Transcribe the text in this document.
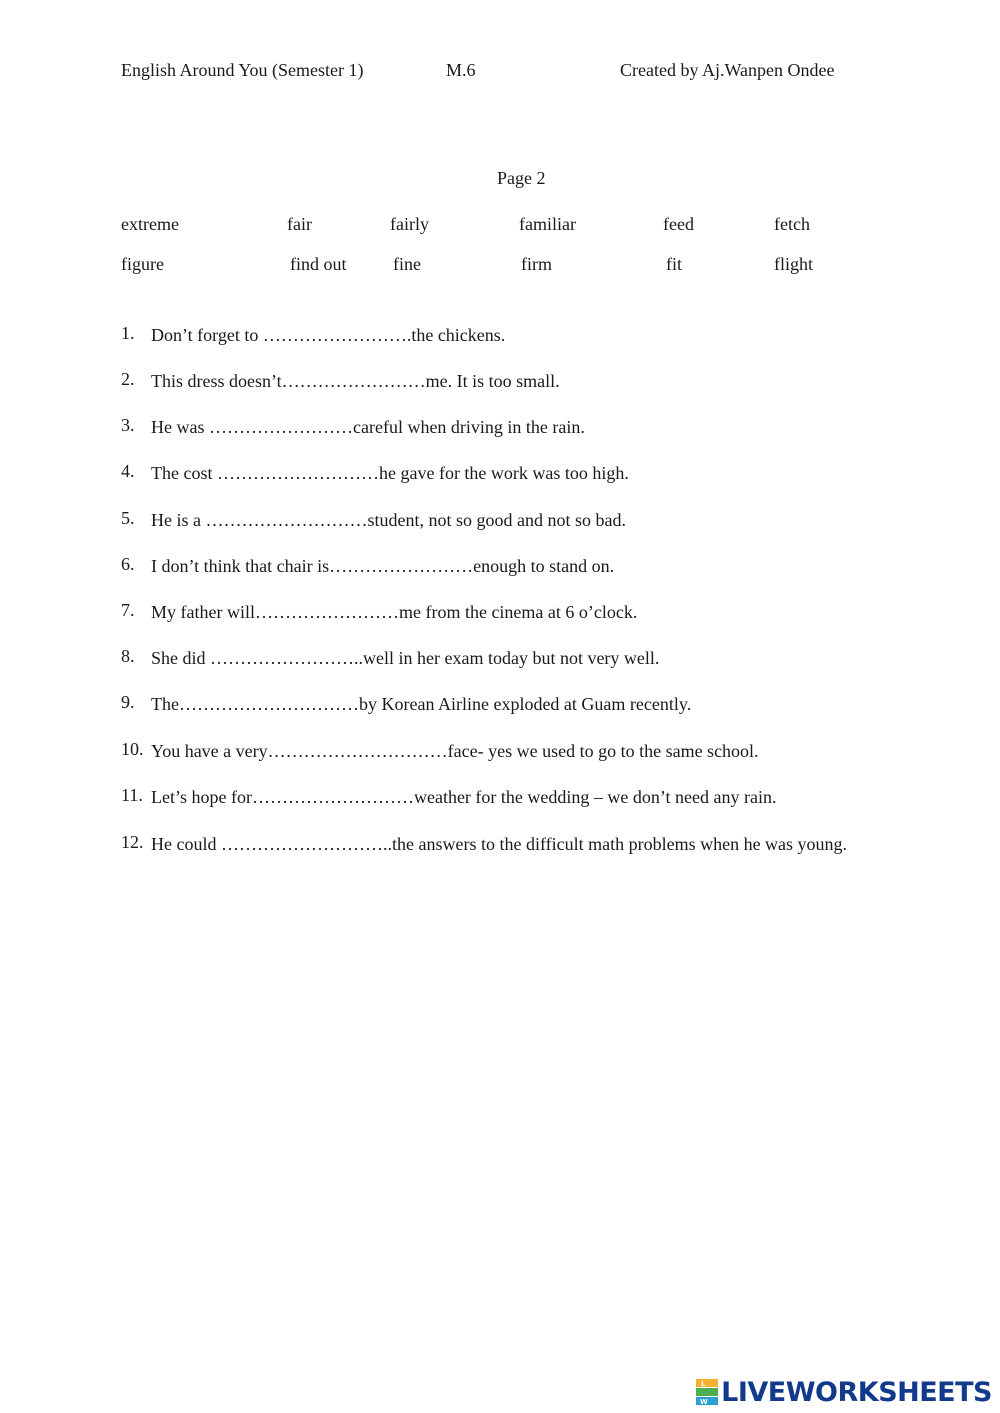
English Around You (Semester 1)	M.6	Created by Aj.Wanpen Ondee
Page 2
extreme	fair	fairly	familiar	feed	fetch
figure	find out	fine	firm	fit	flight
1. Don’t forget to …………………….the chickens.
2. This dress doesn’t……………………me. It is too small.
3. He was ……………………careful when driving in the rain.
4. The cost ………………………he gave for the work was too high.
5. He is a ………………………student, not so good and not so bad.
6. I don’t think that chair is……………………enough to stand on.
7. My father will……………………me from the cinema at 6 o’clock.
8. She did ……………………..well in her exam today but not very well.
9. The…………………………by Korean Airline exploded at Guam recently.
10. You have a very…………………………face- yes we used to go to the same school.
11. Let’s hope for………………………weather for the wedding – we don’t need any rain.
12. He could ………………………..the answers to the difficult math problems when he was young.
L
W LIVEWORKSHEETS
